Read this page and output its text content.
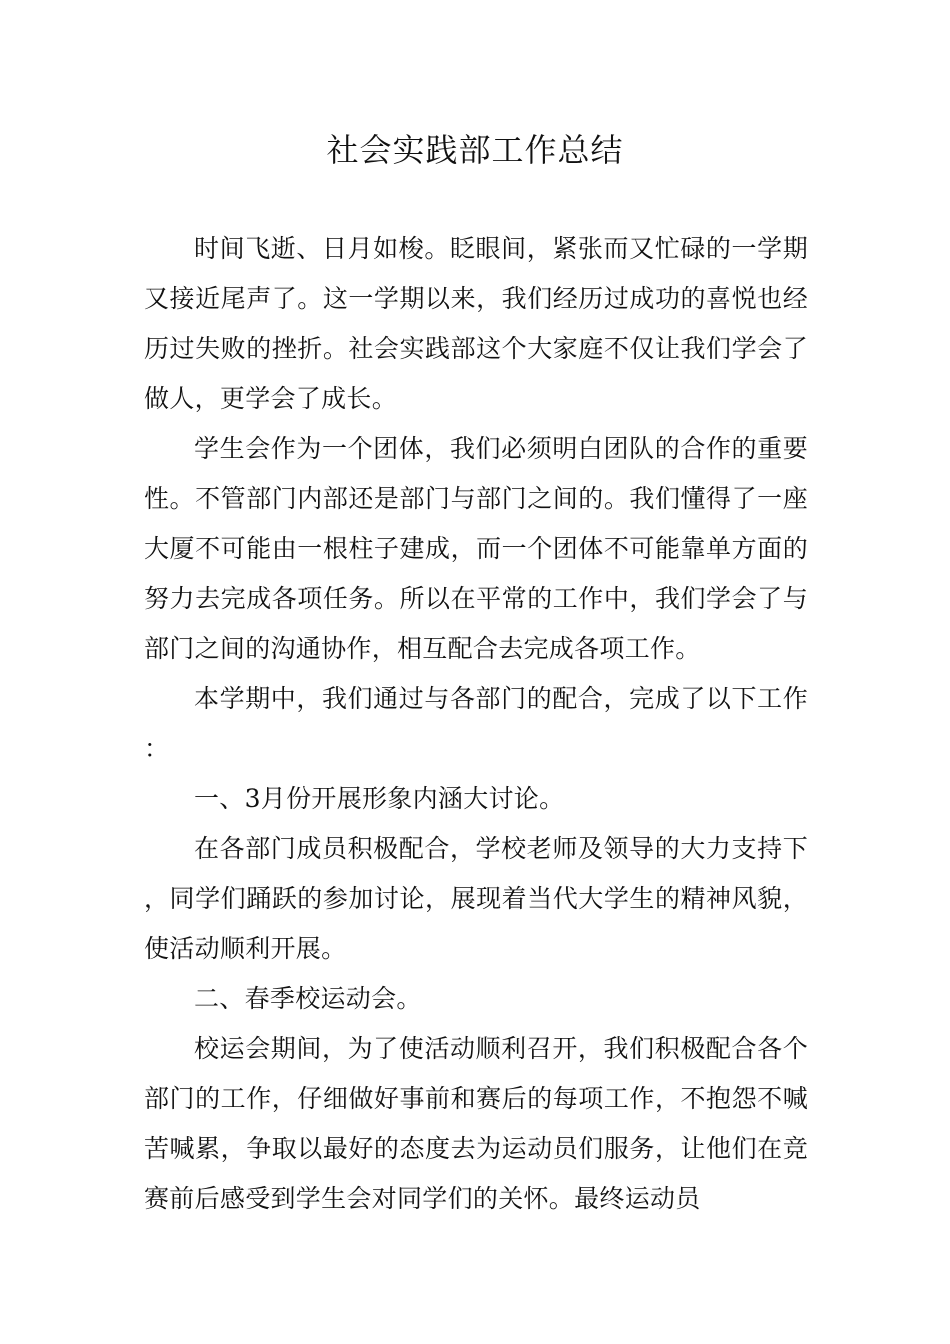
社会实践部工作总结

时间飞逝、日月如梭。眨眼间，紧张而又忙碌的一学期又接近尾声了。这一学期以来，我们经历过成功的喜悦也经历过失败的挫折。社会实践部这个大家庭不仅让我们学会了做人，更学会了成长。

学生会作为一个团体，我们必须明白团队的合作的重要性。不管部门内部还是部门与部门之间的。我们懂得了一座大厦不可能由一根柱子建成，而一个团体不可能靠单方面的努力去完成各项任务。所以在平常的工作中，我们学会了与部门之间的沟通协作，相互配合去完成各项工作。

本学期中，我们通过与各部门的配合，完成了以下工作：

一、3月份开展形象内涵大讨论。

在各部门成员积极配合，学校老师及领导的大力支持下，同学们踊跃的参加讨论，展现着当代大学生的精神风貌，使活动顺利开展。

二、春季校运动会。

校运会期间，为了使活动顺利召开，我们积极配合各个部门的工作，仔细做好事前和赛后的每项工作，不抱怨不喊苦喊累，争取以最好的态度去为运动员们服务，让他们在竞赛前后感受到学生会对同学们的关怀。最终运动员
